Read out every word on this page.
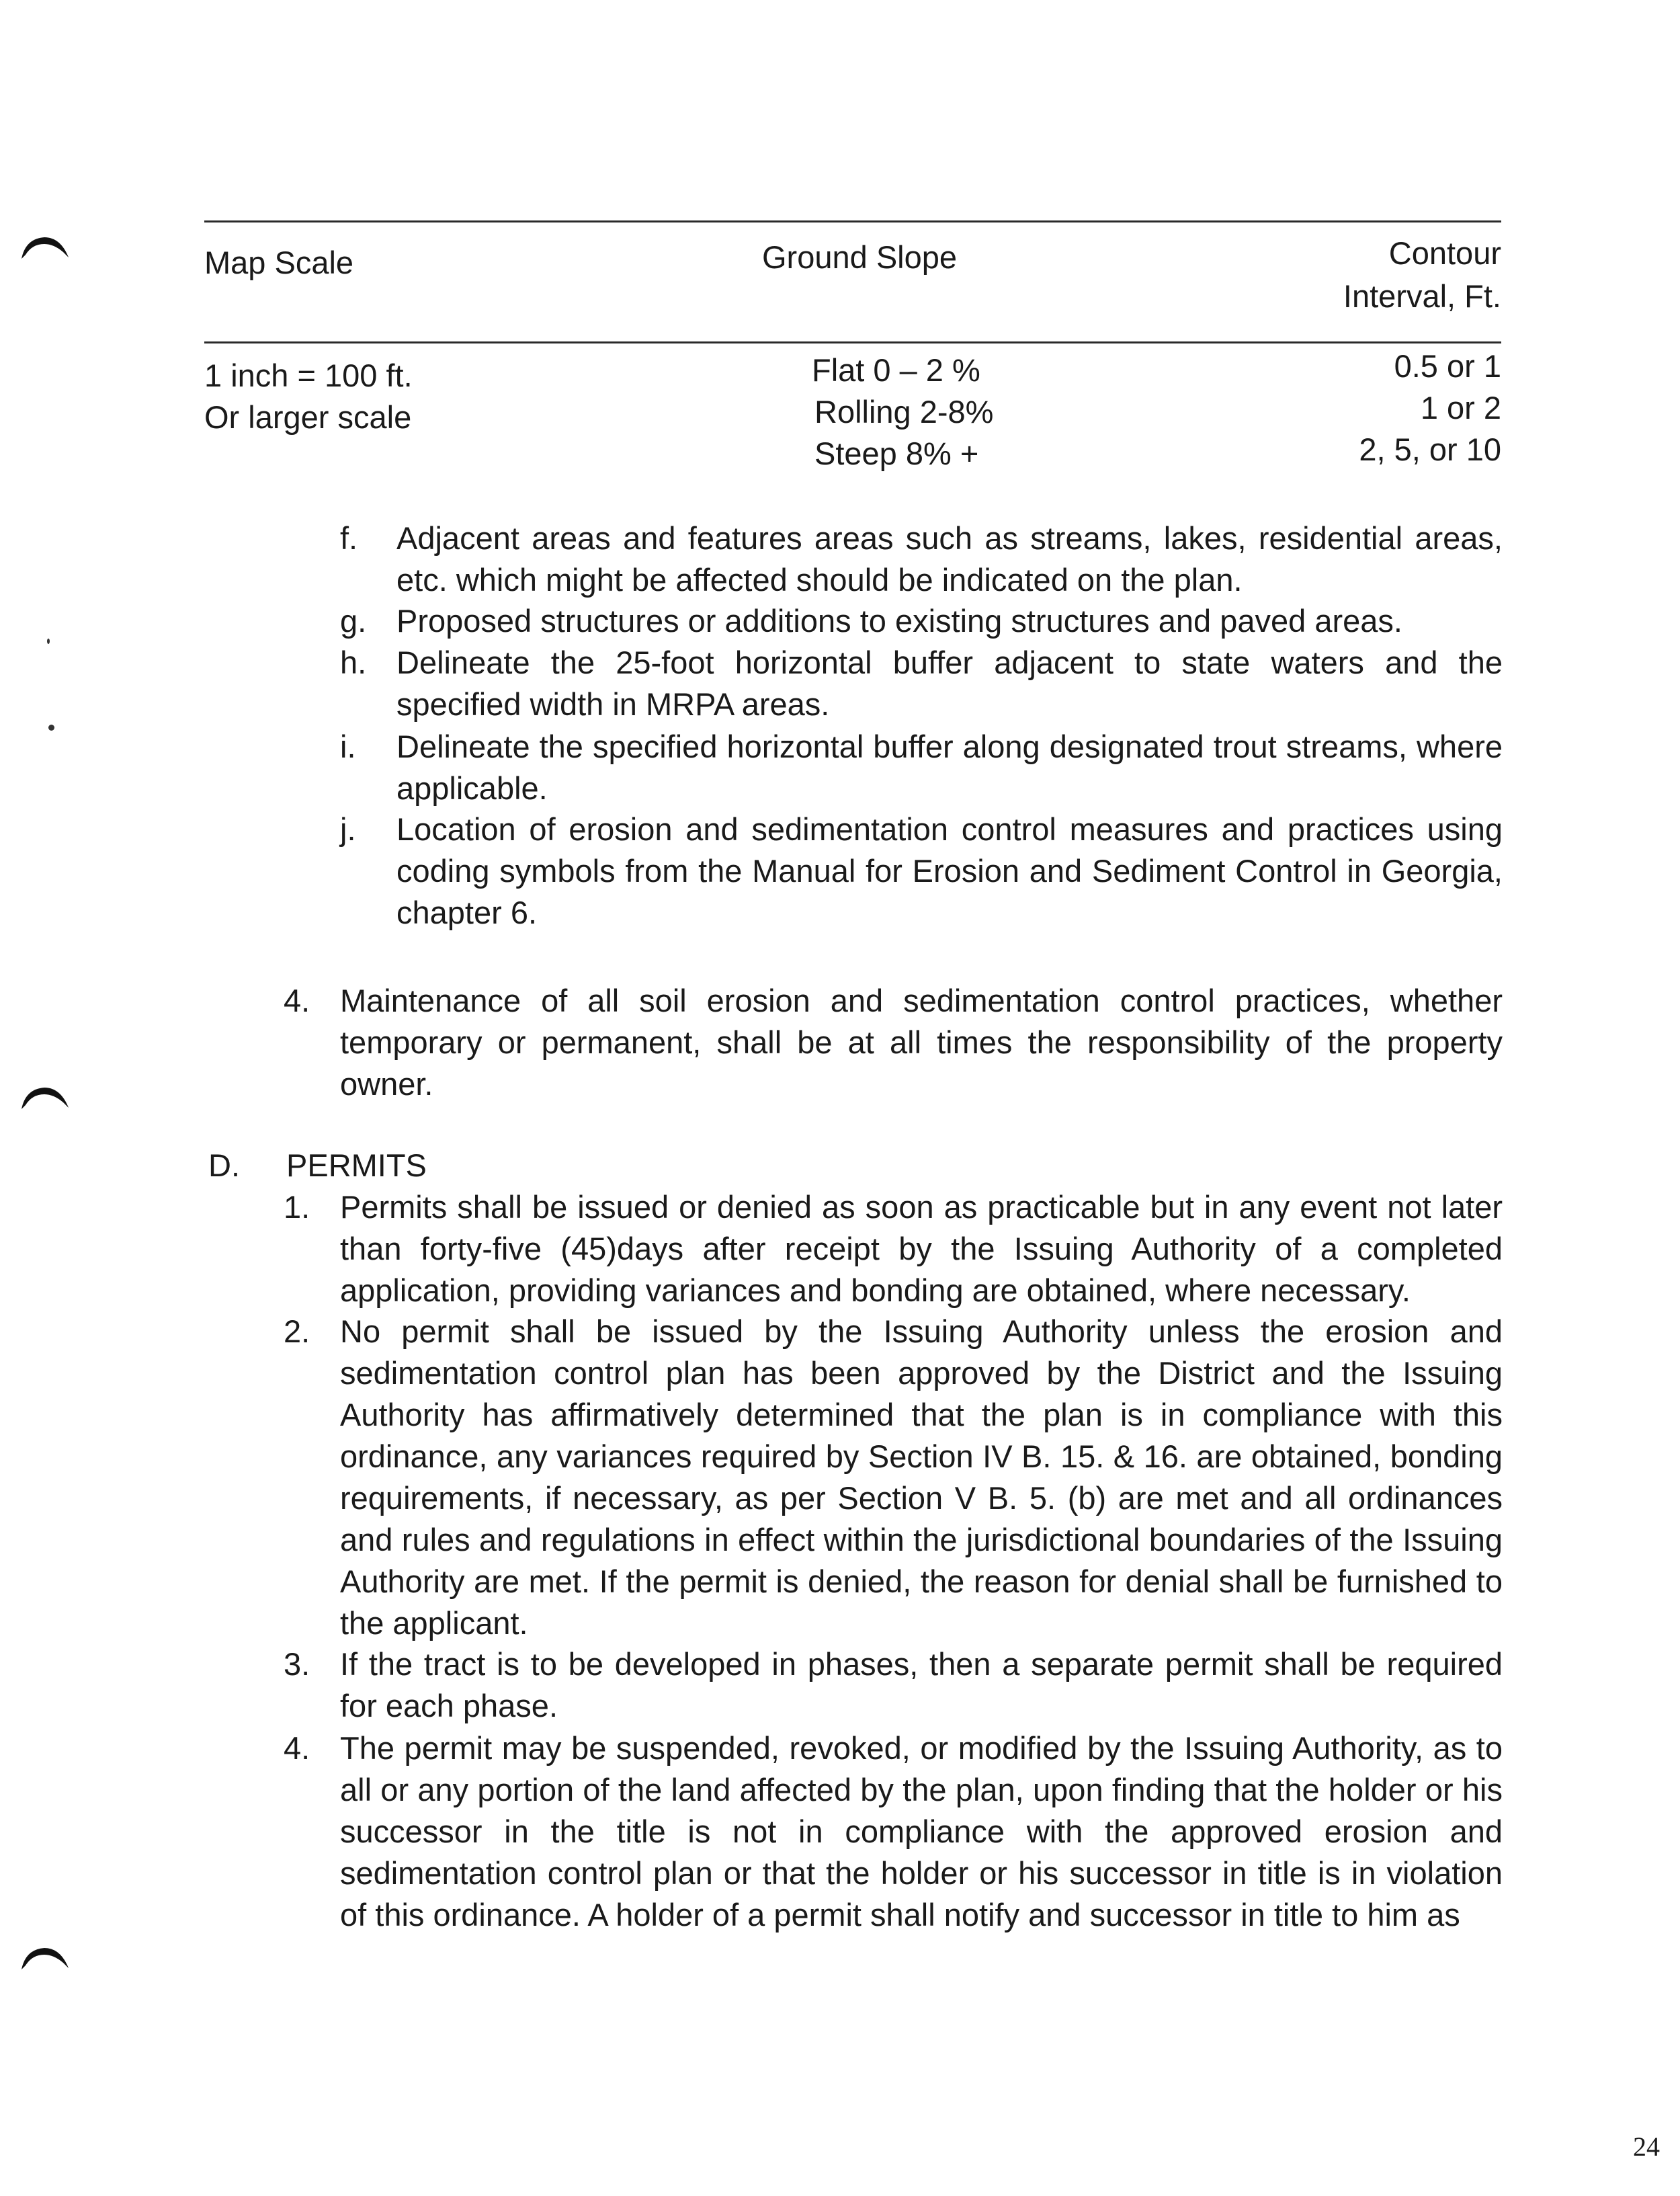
Map Scale	Ground Slope	Contour
Interval, Ft.
1 inch = 100 ft.
Or larger scale
Flat 0 – 2 %
Rolling 2-8%
Steep 8% +
0.5 or 1
1 or 2
2, 5, or 10
f. Adjacent areas and features areas such as streams, lakes, residential areas, etc. which might be affected should be indicated on the plan.
g. Proposed structures or additions to existing structures and paved areas.
h. Delineate the 25-foot horizontal buffer adjacent to state waters and the specified width in MRPA areas.
i. Delineate the specified horizontal buffer along designated trout streams, where applicable.
j. Location of erosion and sedimentation control measures and practices using coding symbols from the Manual for Erosion and Sediment Control in Georgia, chapter 6.
4. Maintenance of all soil erosion and sedimentation control practices, whether temporary or permanent, shall be at all times the responsibility of the property owner.
D. PERMITS
1. Permits shall be issued or denied as soon as practicable but in any event not later than forty-five (45)days after receipt by the Issuing Authority of a completed application, providing variances and bonding are obtained, where necessary.
2. No permit shall be issued by the Issuing Authority unless the erosion and sedimentation control plan has been approved by the District and the Issuing Authority has affirmatively determined that the plan is in compliance with this ordinance, any variances required by Section IV B. 15. & 16. are obtained, bonding requirements, if necessary, as per Section V B. 5. (b) are met and all ordinances and rules and regulations in effect within the jurisdictional boundaries of the Issuing Authority are met. If the permit is denied, the reason for denial shall be furnished to the applicant.
3. If the tract is to be developed in phases, then a separate permit shall be required for each phase.
4. The permit may be suspended, revoked, or modified by the Issuing Authority, as to all or any portion of the land affected by the plan, upon finding that the holder or his successor in the title is not in compliance with the approved erosion and sedimentation control plan or that the holder or his successor in title is in violation of this ordinance. A holder of a permit shall notify and successor in title to him as
24
